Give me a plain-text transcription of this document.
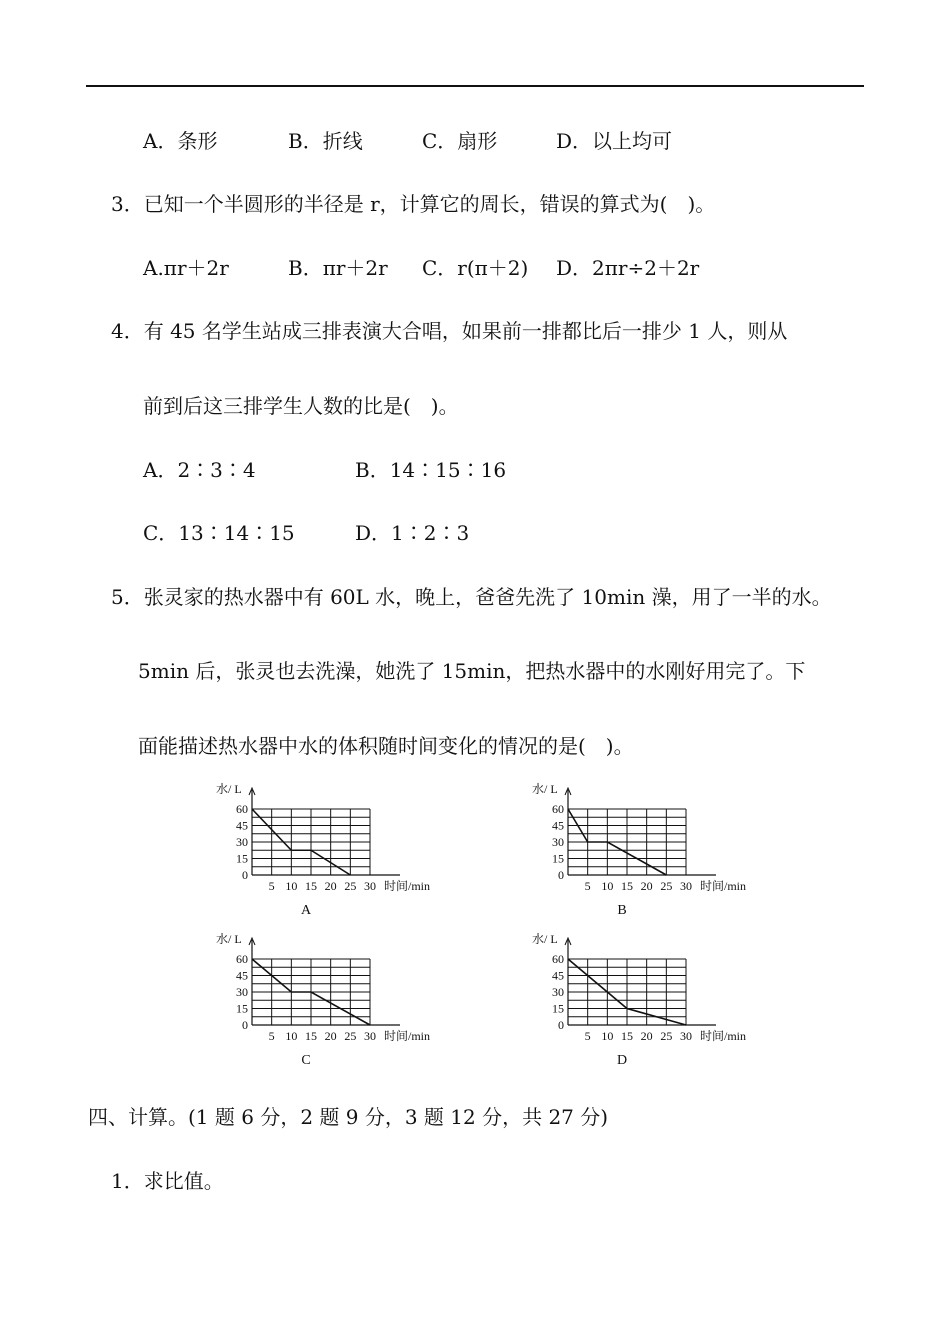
A．条形	B．折线	C．扇形	D．以上均可
3．已知一个半圆形的半径是 r，计算它的周长，错误的算式为(　)。
A.πr＋2r	B．πr＋2r C．r(π＋2) D．2πr÷2＋2r
4．有 45 名学生站成三排表演大合唱，如果前一排都比后一排少 1 人，则从
前到后这三排学生人数的比是(　)。
A．2∶3∶4	B．14∶15∶16
C．13∶14∶15	D．1∶2∶3
5．张灵家的热水器中有 60L 水，晚上，爸爸先洗了 10min 澡，用了一半的水。
5min 后，张灵也去洗澡，她洗了 15min，把热水器中的水刚好用完了。下
面能描述热水器中水的体积随时间变化的情况的是(　)。
0
15
30
45
60
5 10 15 20 25 30
水/ L
时间/min
A
0
15
30
45
60
5 10 15 20 25 30
水/ L
时间/min
B
0
15
30
45
60
5 10 15 20 25 30
水/ L
时间/min
C
0
15
30
45
60
5 10 15 20 25 30
水/ L
时间/min
D
四、计算。(1 题 6 分，2 题 9 分，3 题 12 分，共 27 分)
1．求比值。
